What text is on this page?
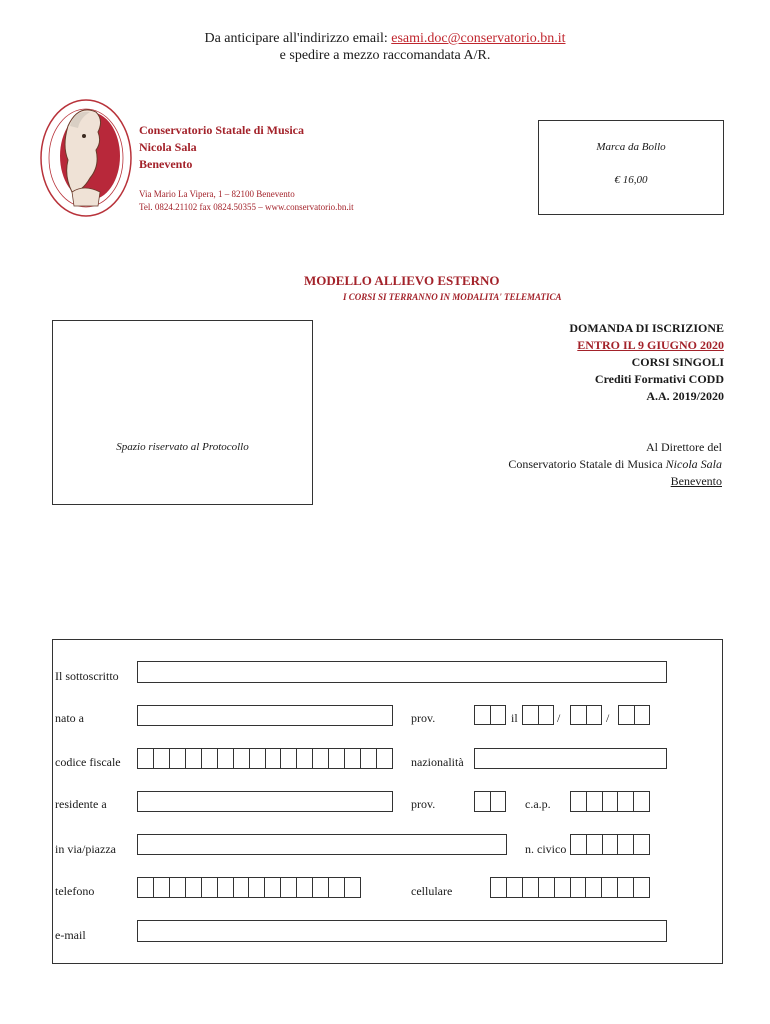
Da anticipare all'indirizzo email: esami.doc@conservatorio.bn.it
e spedire a mezzo raccomandata A/R.
Conservatorio Statale di Musica
Nicola Sala
Benevento
Via Mario La Vipera, 1 – 82100 Benevento
Tel. 0824.21102 fax 0824.50355 – www.conservatorio.bn.it
Marca da Bollo
€ 16,00
MODELLO ALLIEVO ESTERNO
I CORSI SI TERRANNO IN MODALITA' TELEMATICA
Spazio riservato al Protocollo
DOMANDA DI ISCRIZIONE
ENTRO IL 9 GIUGNO 2020
CORSI SINGOLI
Crediti Formativi CODD
A.A. 2019/2020
Al Direttore del
Conservatorio Statale di Musica Nicola Sala
Benevento
Il sottoscritto
nato a	prov.	il	/	/
codice fiscale	nazionalità
residente a	prov.	c.a.p.
in via/piazza	n. civico
telefono	cellulare
e-mail
